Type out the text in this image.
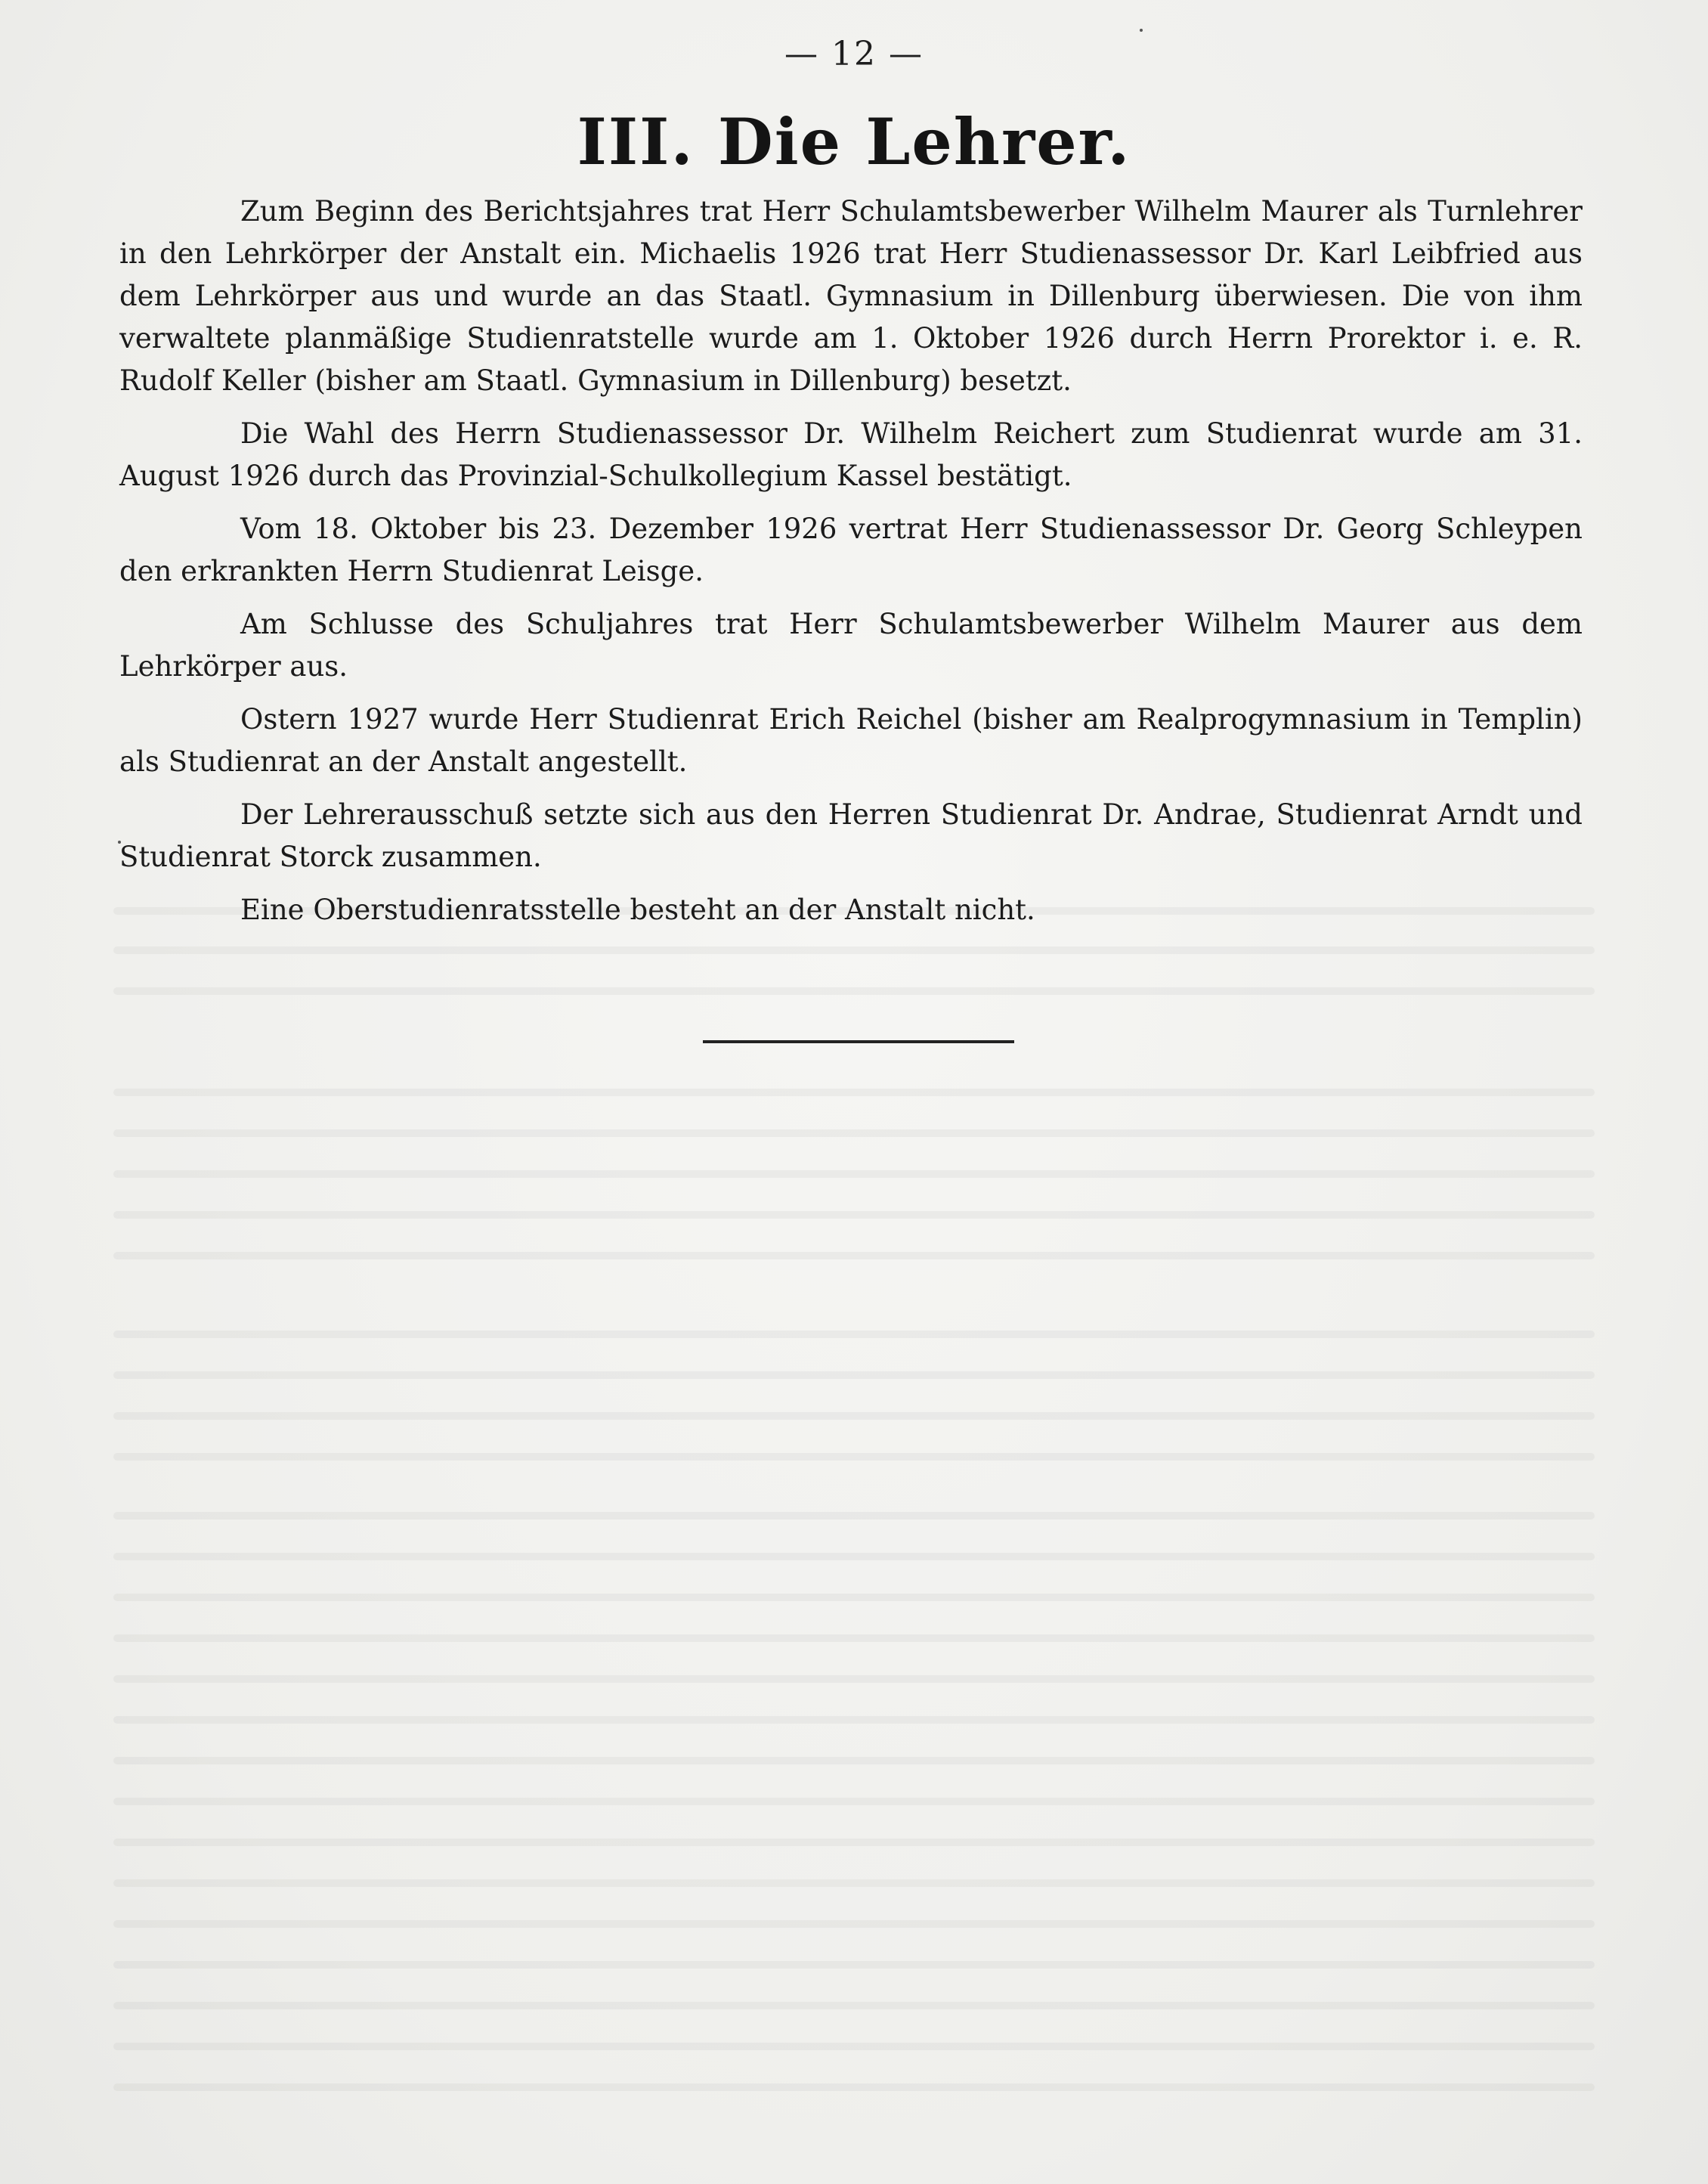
— 12 —
III. Die Lehrer.

Zum Beginn des Berichtsjahres trat Herr Schulamtsbewerber Wilhelm Maurer als Turnlehrer in den Lehrkörper der Anstalt ein. Michaelis 1926 trat Herr Studienassessor Dr. Karl Leibfried aus dem Lehrkörper aus und wurde an das Staatl. Gymnasium in Dillenburg überwiesen. Die von ihm verwaltete planmäßige Studienratstelle wurde am 1. Oktober 1926 durch Herrn Prorektor i. e. R. Rudolf Keller (bisher am Staatl. Gymnasium in Dillenburg) besetzt.

Die Wahl des Herrn Studienassessor Dr. Wilhelm Reichert zum Studienrat wurde am 31. August 1926 durch das Provinzial-Schulkollegium Kassel bestätigt.

Vom 18. Oktober bis 23. Dezember 1926 vertrat Herr Studienassessor Dr. Georg Schleypen den erkrankten Herrn Studienrat Leisge.

Am Schlusse des Schuljahres trat Herr Schulamtsbewerber Wilhelm Maurer aus dem Lehrkörper aus.

Ostern 1927 wurde Herr Studienrat Erich Reichel (bisher am Realprogymnasium in Templin) als Studienrat an der Anstalt angestellt.

Der Lehrerausschuß setzte sich aus den Herren Studienrat Dr. Andrae, Studienrat Arndt und Studienrat Storck zusammen.

Eine Oberstudienratsstelle besteht an der Anstalt nicht.
